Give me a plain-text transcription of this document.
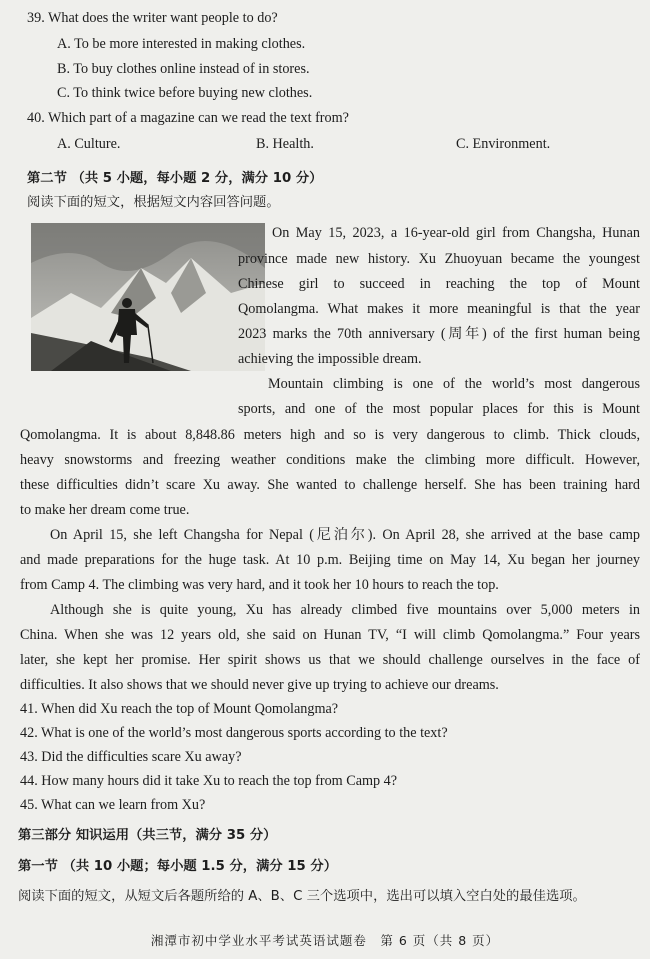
39. What does the writer want people to do?
A. To be more interested in making clothes.
B. To buy clothes online instead of in stores.
C. To think twice before buying new clothes.
40. Which part of a magazine can we read the text from?
A. Culture.	B. Health.	C. Environment.
第二节 （共 5 小题，每小题 2 分，满分 10 分）
阅读下面的短文，根据短文内容回答问题。
On May 15, 2023, a 16-year-old girl from Changsha, Hunan
province made new history. Xu Zhuoyuan became the youngest
Chinese girl to succeed in reaching the top of Mount
Qomolangma. What makes it more meaningful is that the year
2023 marks the 70th anniversary (周年) of the first human being
achieving the impossible dream.
Mountain climbing is one of the world’s most dangerous
sports, and one of the most popular places for this is Mount
Qomolangma. It is about 8,848.86 meters high and so is very dangerous to climb. Thick clouds,
heavy snowstorms and freezing weather conditions make the climbing more difficult. However,
these difficulties didn’t scare Xu away. She wanted to challenge herself. She has been training hard
to make her dream come true.
On April 15, she left Changsha for Nepal (尼泊尔). On April 28, she arrived at the base camp
and made preparations for the huge task. At 10 p.m. Beijing time on May 14, Xu began her journey
from Camp 4. The climbing was very hard, and it took her 10 hours to reach the top.
Although she is quite young, Xu has already climbed five mountains over 5,000 meters in
China. When she was 12 years old, she said on Hunan TV, “I will climb Qomolangma.” Four years
later, she kept her promise. Her spirit shows us that we should challenge ourselves in the face of
difficulties. It also shows that we should never give up trying to achieve our dreams.
41. When did Xu reach the top of Mount Qomolangma?
42. What is one of the world’s most dangerous sports according to the text?
43. Did the difficulties scare Xu away?
44. How many hours did it take Xu to reach the top from Camp 4?
45. What can we learn from Xu?
第三部分 知识运用（共三节，满分 35 分）
第一节 （共 10 小题；每小题 1.5 分，满分 15 分）
阅读下面的短文，从短文后各题所给的 A、B、C 三个选项中，选出可以填入空白处的最佳选项。
湘潭市初中学业水平考试英语试题卷　第 6 页（共 8 页）
